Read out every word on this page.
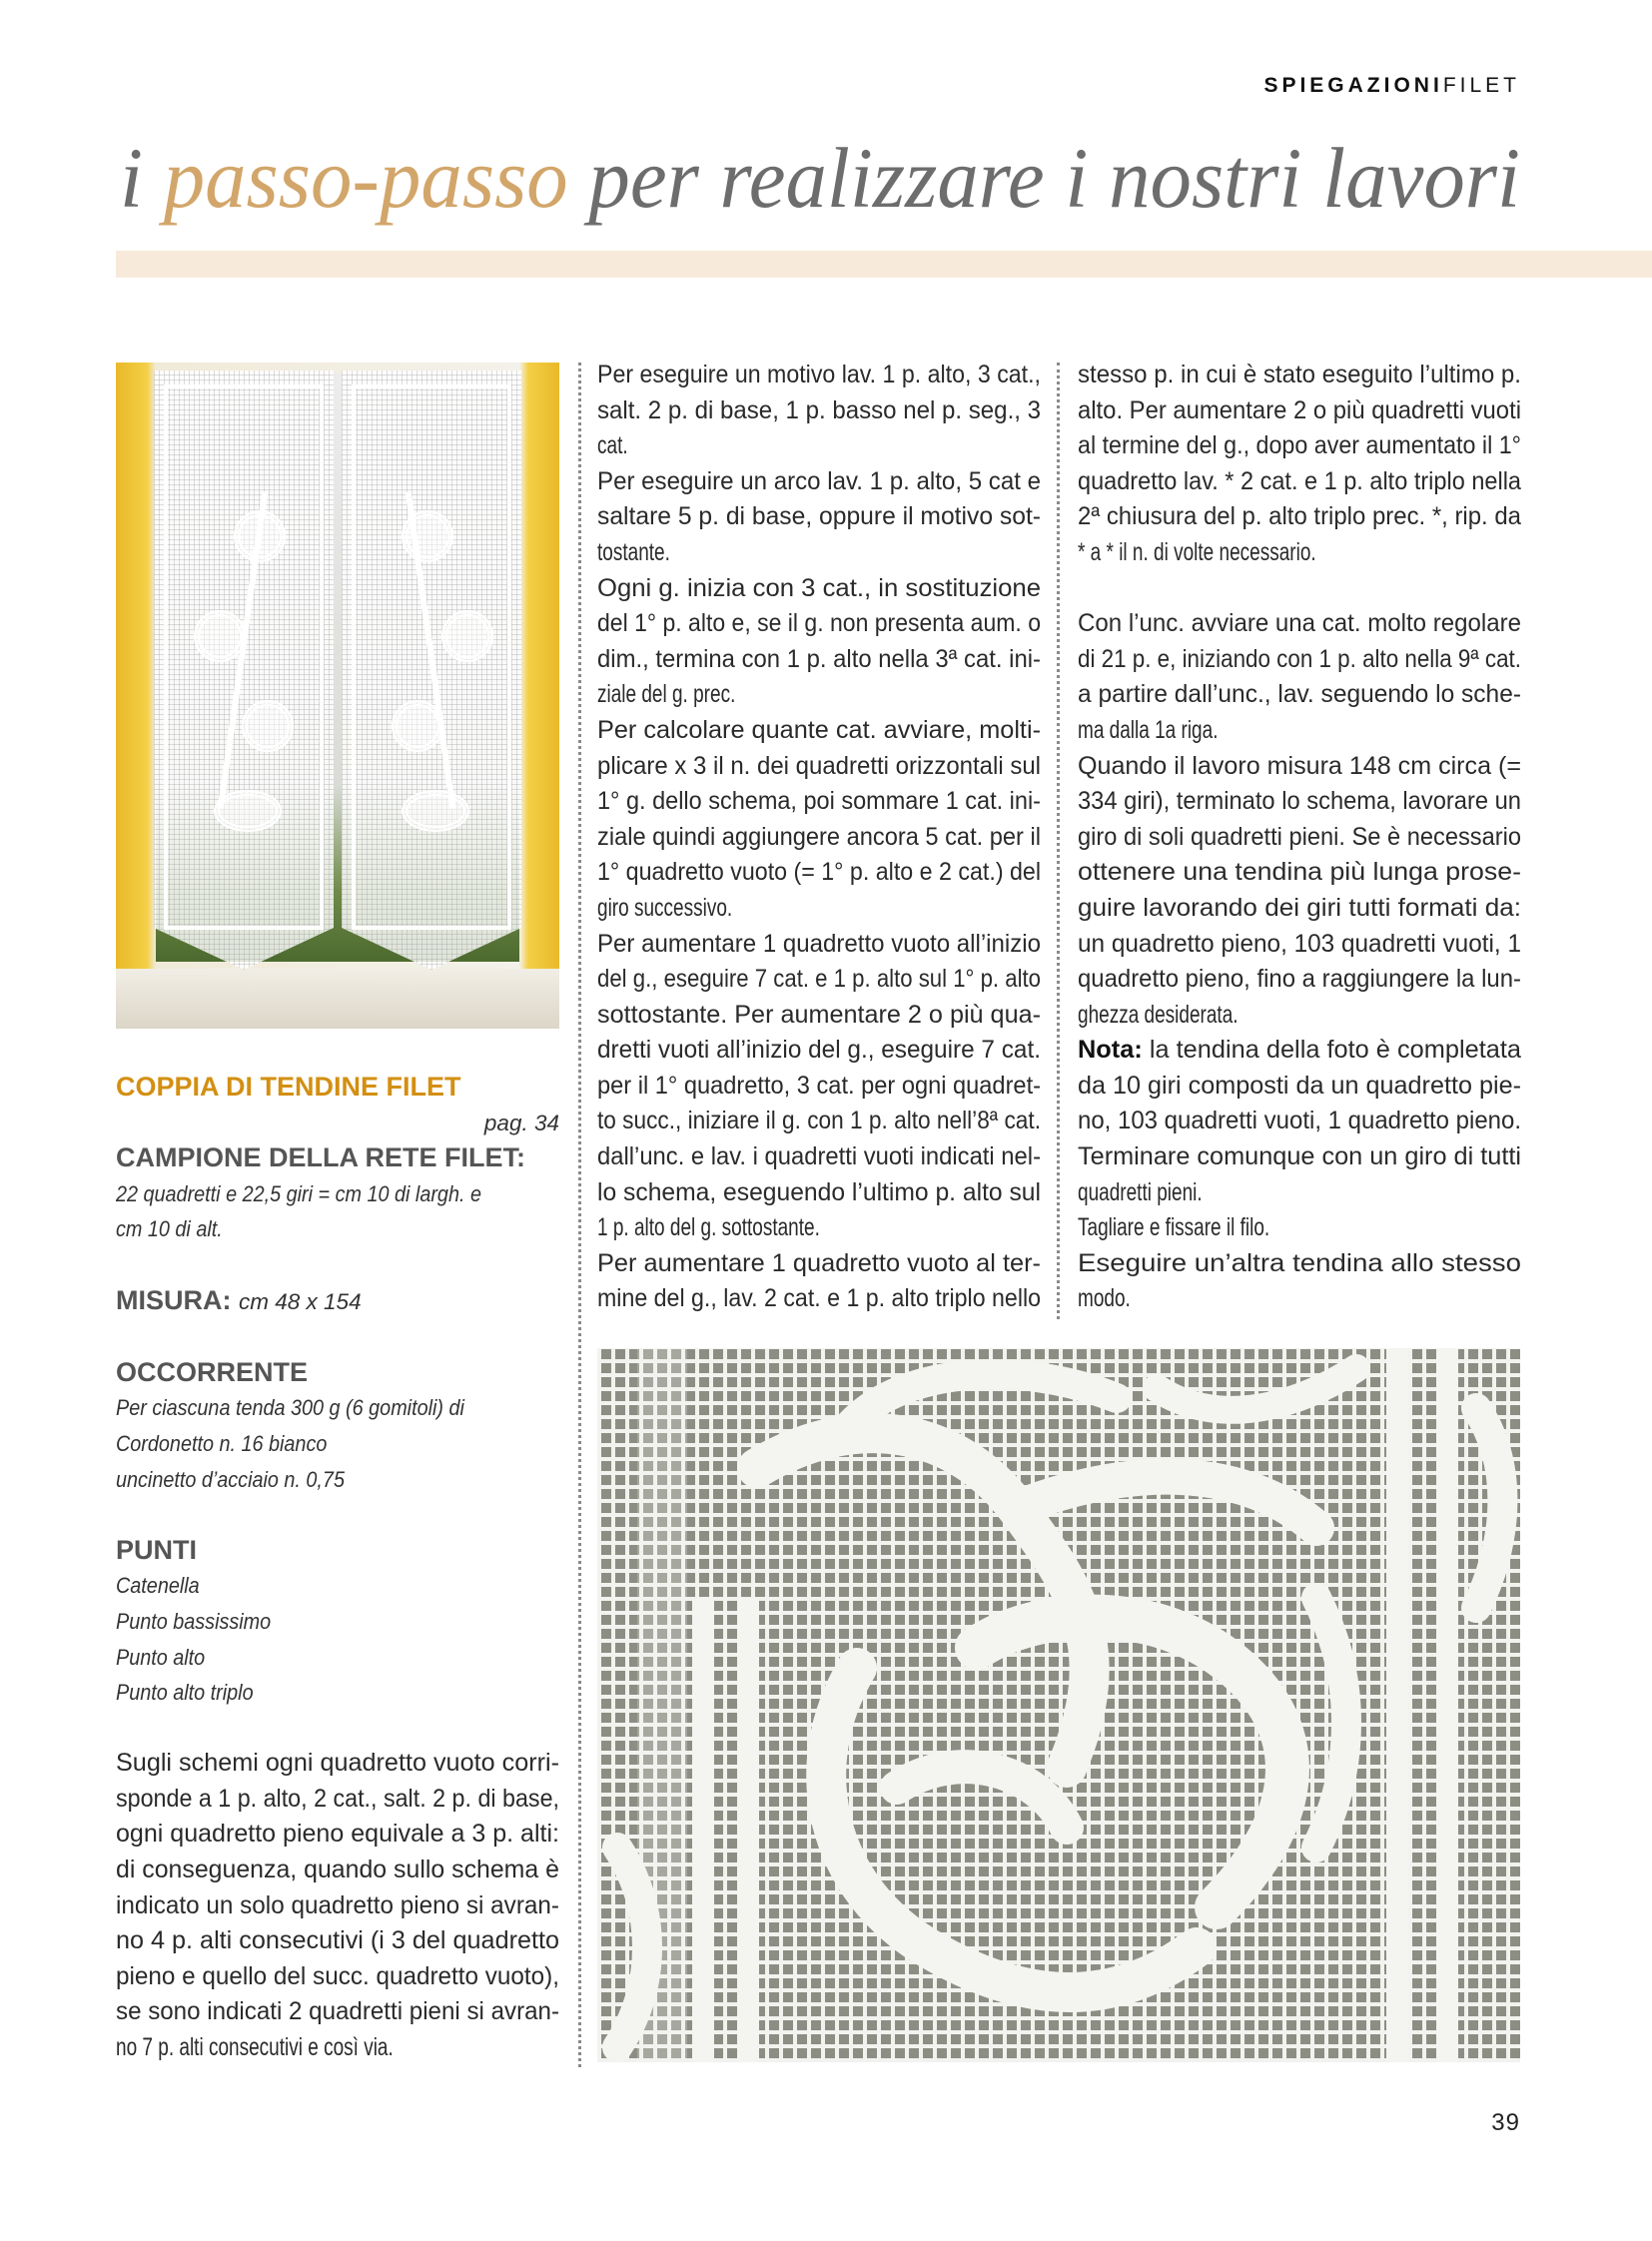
SPIEGAZIONIFILET
i passo-passo per realizzare i nostri lavori
COPPIA DI TENDINE FILET
pag. 34
CAMPIONE DELLA RETE FILET:
22 quadretti e 22,5 giri = cm 10 di largh. e
cm 10 di alt.
MISURA: cm 48 x 154
OCCORRENTE
Per ciascuna tenda 300 g (6 gomitoli) di
Cordonetto n. 16 bianco
uncinetto d’acciaio n. 0,75
PUNTI
Catenella
Punto bassissimo
Punto alto
Punto alto triplo
Sugli schemi ogni quadretto vuoto corri-
sponde a 1 p. alto, 2 cat., salt. 2 p. di base,
ogni quadretto pieno equivale a 3 p. alti:
di conseguenza, quando sullo schema è
indicato un solo quadretto pieno si avran-
no 4 p. alti consecutivi (i 3 del quadretto
pieno e quello del succ. quadretto vuoto),
se sono indicati 2 quadretti pieni si avran-
no 7 p. alti consecutivi e così via.
Per eseguire un motivo lav. 1 p. alto, 3 cat.,
salt. 2 p. di base, 1 p. basso nel p. seg., 3
cat.
Per eseguire un arco lav. 1 p. alto, 5 cat e
saltare 5 p. di base, oppure il motivo sot-
tostante.
Ogni g. inizia con 3 cat., in sostituzione
del 1° p. alto e, se il g. non presenta aum. o
dim., termina con 1 p. alto nella 3ª cat. ini-
ziale del g. prec.
Per calcolare quante cat. avviare, molti-
plicare x 3 il n. dei quadretti orizzontali sul
1° g. dello schema, poi sommare 1 cat. ini-
ziale quindi aggiungere ancora 5 cat. per il
1° quadretto vuoto (= 1° p. alto e 2 cat.) del
giro successivo.
Per aumentare 1 quadretto vuoto all’inizio
del g., eseguire 7 cat. e 1 p. alto sul 1° p. alto
sottostante. Per aumentare 2 o più qua-
dretti vuoti all’inizio del g., eseguire 7 cat.
per il 1° quadretto, 3 cat. per ogni quadret-
to succ., iniziare il g. con 1 p. alto nell’8ª cat.
dall’unc. e lav. i quadretti vuoti indicati nel-
lo schema, eseguendo l’ultimo p. alto sul
1 p. alto del g. sottostante.
Per aumentare 1 quadretto vuoto al ter-
mine del g., lav. 2 cat. e 1 p. alto triplo nello
stesso p. in cui è stato eseguito l’ultimo p.
alto. Per aumentare 2 o più quadretti vuoti
al termine del g., dopo aver aumentato il 1°
quadretto lav. * 2 cat. e 1 p. alto triplo nella
2ª chiusura del p. alto triplo prec. *, rip. da
* a * il n. di volte necessario.
Con l’unc. avviare una cat. molto regolare
di 21 p. e, iniziando con 1 p. alto nella 9ª cat.
a partire dall’unc., lav. seguendo lo sche-
ma dalla 1a riga.
Quando il lavoro misura 148 cm circa (=
334 giri), terminato lo schema, lavorare un
giro di soli quadretti pieni. Se è necessario
ottenere una tendina più lunga prose-
guire lavorando dei giri tutti formati da:
un quadretto pieno, 103 quadretti vuoti, 1
quadretto pieno, fino a raggiungere la lun-
ghezza desiderata.
Nota: la tendina della foto è completata
da 10 giri composti da un quadretto pie-
no, 103 quadretti vuoti, 1 quadretto pieno.
Terminare comunque con un giro di tutti
quadretti pieni.
Tagliare e fissare il filo.
Eseguire un’altra tendina allo stesso
modo.
39
